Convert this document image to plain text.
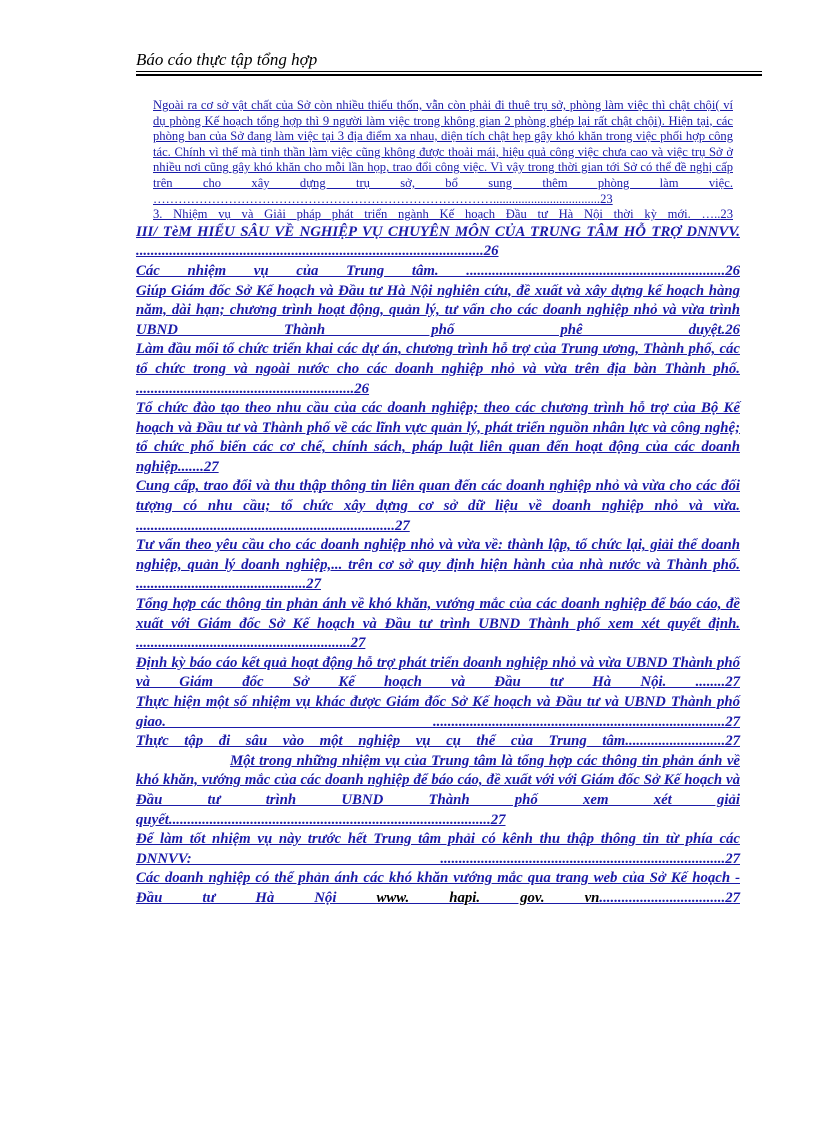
Báo cáo thực tập tổng hợp

Ngoài ra cơ sở vật chất của Sở còn nhiều thiếu thốn, vẫn còn phải đi thuê trụ sở, phòng làm việc thì chật chội( ví dụ phòng Kế hoạch tổng hợp thì 9 người làm việc trong không gian 2 phòng ghép lại rất chật chội). Hiện tại, các phòng ban của Sở đang làm việc tại 3 địa điểm xa nhau, diện tích chật hẹp gây khó khăn trong việc phối hợp công tác. Chính vì thế mà tinh thần làm việc cũng không được thoải mái, hiệu quả công việc chưa cao và việc trụ Sở ở nhiều nơi cũng gây khó khăn cho mỗi lần họp, trao đổi công việc. Vì vậy trong thời gian tới Sở có thể đề nghị cấp trên cho xây dựng trụ sở, bổ sung thêm phòng làm việc. ………………………………………………………………………..................................23

3. Nhiệm vụ và Giải pháp phát triển ngành Kế hoạch Đầu tư Hà Nội thời kỳ mới. …..23

III/ TèM HIỂU SÂU VỀ NGHIỆP VỤ CHUYÊN MÔN CỦA TRUNG TÂM HỖ TRỢ DNNVV. ..............................................................................................26

Các nhiệm vụ của Trung tâm. ......................................................................26

Giúp Giám đốc Sở Kế hoạch và Đầu tư Hà Nội nghiên cứu, đề xuất và xây dựng kế hoạch hàng năm, dài hạn; chương trình hoạt động, quản lý, tư vấn cho các doanh nghiệp nhỏ và vừa trình UBND Thành phố phê duyệt.26

Làm đầu mối tổ chức triển khai các dự án, chương trình hỗ trợ của Trung ương, Thành phố, các tổ chức trong và ngoài nước cho các doanh nghiệp nhỏ và vừa trên địa bàn Thành phố. ...........................................................26

Tổ chức đào tạo theo nhu cầu của các doanh nghiệp; theo các chương trình hỗ trợ của Bộ Kế hoạch và Đầu tư và Thành phố về các lĩnh vực quản lý, phát triển nguồn nhân lực và công nghệ; tổ chức phổ biến các cơ chế, chính sách, pháp luật liên quan đến hoạt động của các doanh nghiệp.......27

Cung cấp, trao đổi và thu thập thông tin liên quan đến các doanh nghiệp nhỏ và vừa cho các đối tượng có nhu cầu; tổ chức xây dựng cơ sở dữ liệu về doanh nghiệp nhỏ và vừa. ......................................................................27

Tư vấn theo yêu cầu cho các doanh nghiệp nhỏ và vừa về: thành lập, tổ chức lại, giải thể doanh nghiệp, quản lý doanh nghiệp,... trên cơ sở quy định hiện hành của nhà nước và Thành phố. ..............................................27

Tổng hợp các thông tin phản ánh về khó khăn, vướng mắc của các doanh nghiệp để báo cáo, đề xuất với Giám đốc Sở Kế hoạch và Đầu tư trình UBND Thành phố xem xét quyết định. ..........................................................27

Định kỳ báo cáo kết quả hoạt động hỗ trợ phát triển doanh nghiệp nhỏ và vừa UBND Thành phố và Giám đốc Sở Kế hoạch và Đầu tư Hà Nội. ........27

Thực hiện một số nhiệm vụ khác được Giám đốc Sở Kế hoạch và Đầu tư và UBND Thành phố giao. ...............................................................................27

Thực tập đi sâu vào một nghiệp vụ cụ thể của Trung tâm...........................27

Một trong những nhiệm vụ của Trung tâm là tổng hợp các thông tin phản ánh về khó khăn, vướng mắc của các doanh nghiệp để báo cáo, đề xuất với với Giám đốc Sở Kế hoạch và Đầu tư trình UBND Thành phố xem xét giải quyết.......................................................................................27

Để làm tốt nhiệm vụ này trước hết Trung tâm phải có kênh thu thập thông tin từ phía các DNNVV: .............................................................................27

Các doanh nghiệp có thể phản ánh các khó khăn vướng mắc qua trang web của Sở Kế hoạch - Đầu tư Hà Nội www. hapi. gov. vn..................................27
